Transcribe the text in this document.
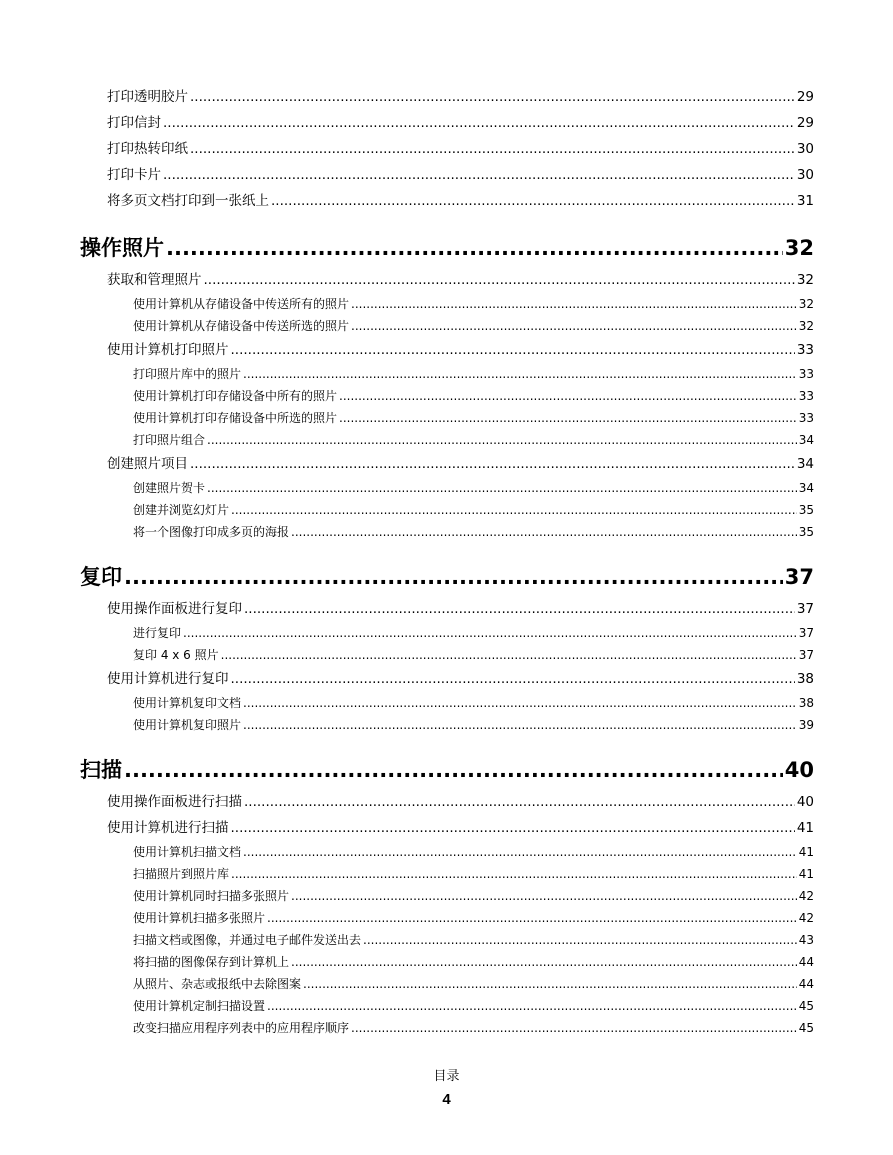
打印透明胶片 .....	29
打印信封 .....	29
打印热转印纸 .....	30
打印卡片 .....	30
将多页文档打印到一张纸上 .....	31
操作照片 .....	32
获取和管理照片 .....	32
使用计算机从存储设备中传送所有的照片 .....	32
使用计算机从存储设备中传送所选的照片 .....	32
使用计算机打印照片 .....	33
打印照片库中的照片 .....	33
使用计算机打印存储设备中所有的照片 .....	33
使用计算机打印存储设备中所选的照片 .....	33
打印照片组合 .....	34
创建照片项目 .....	34
创建照片贺卡 .....	34
创建并浏览幻灯片 .....	35
将一个图像打印成多页的海报 .....	35
复印 .....	37
使用操作面板进行复印 .....	37
进行复印 .....	37
复印 4 x 6 照片 .....	37
使用计算机进行复印 .....	38
使用计算机复印文档 .....	38
使用计算机复印照片 .....	39
扫描 .....	40
使用操作面板进行扫描 .....	40
使用计算机进行扫描 .....	41
使用计算机扫描文档 .....	41
扫描照片到照片库 .....	41
使用计算机同时扫描多张照片 .....	42
使用计算机扫描多张照片 .....	42
扫描文档或图像，并通过电子邮件发送出去 .....	43
将扫描的图像保存到计算机上 .....	44
从照片、杂志或报纸中去除图案 .....	44
使用计算机定制扫描设置 .....	45
改变扫描应用程序列表中的应用程序顺序 .....	45
目录
4
